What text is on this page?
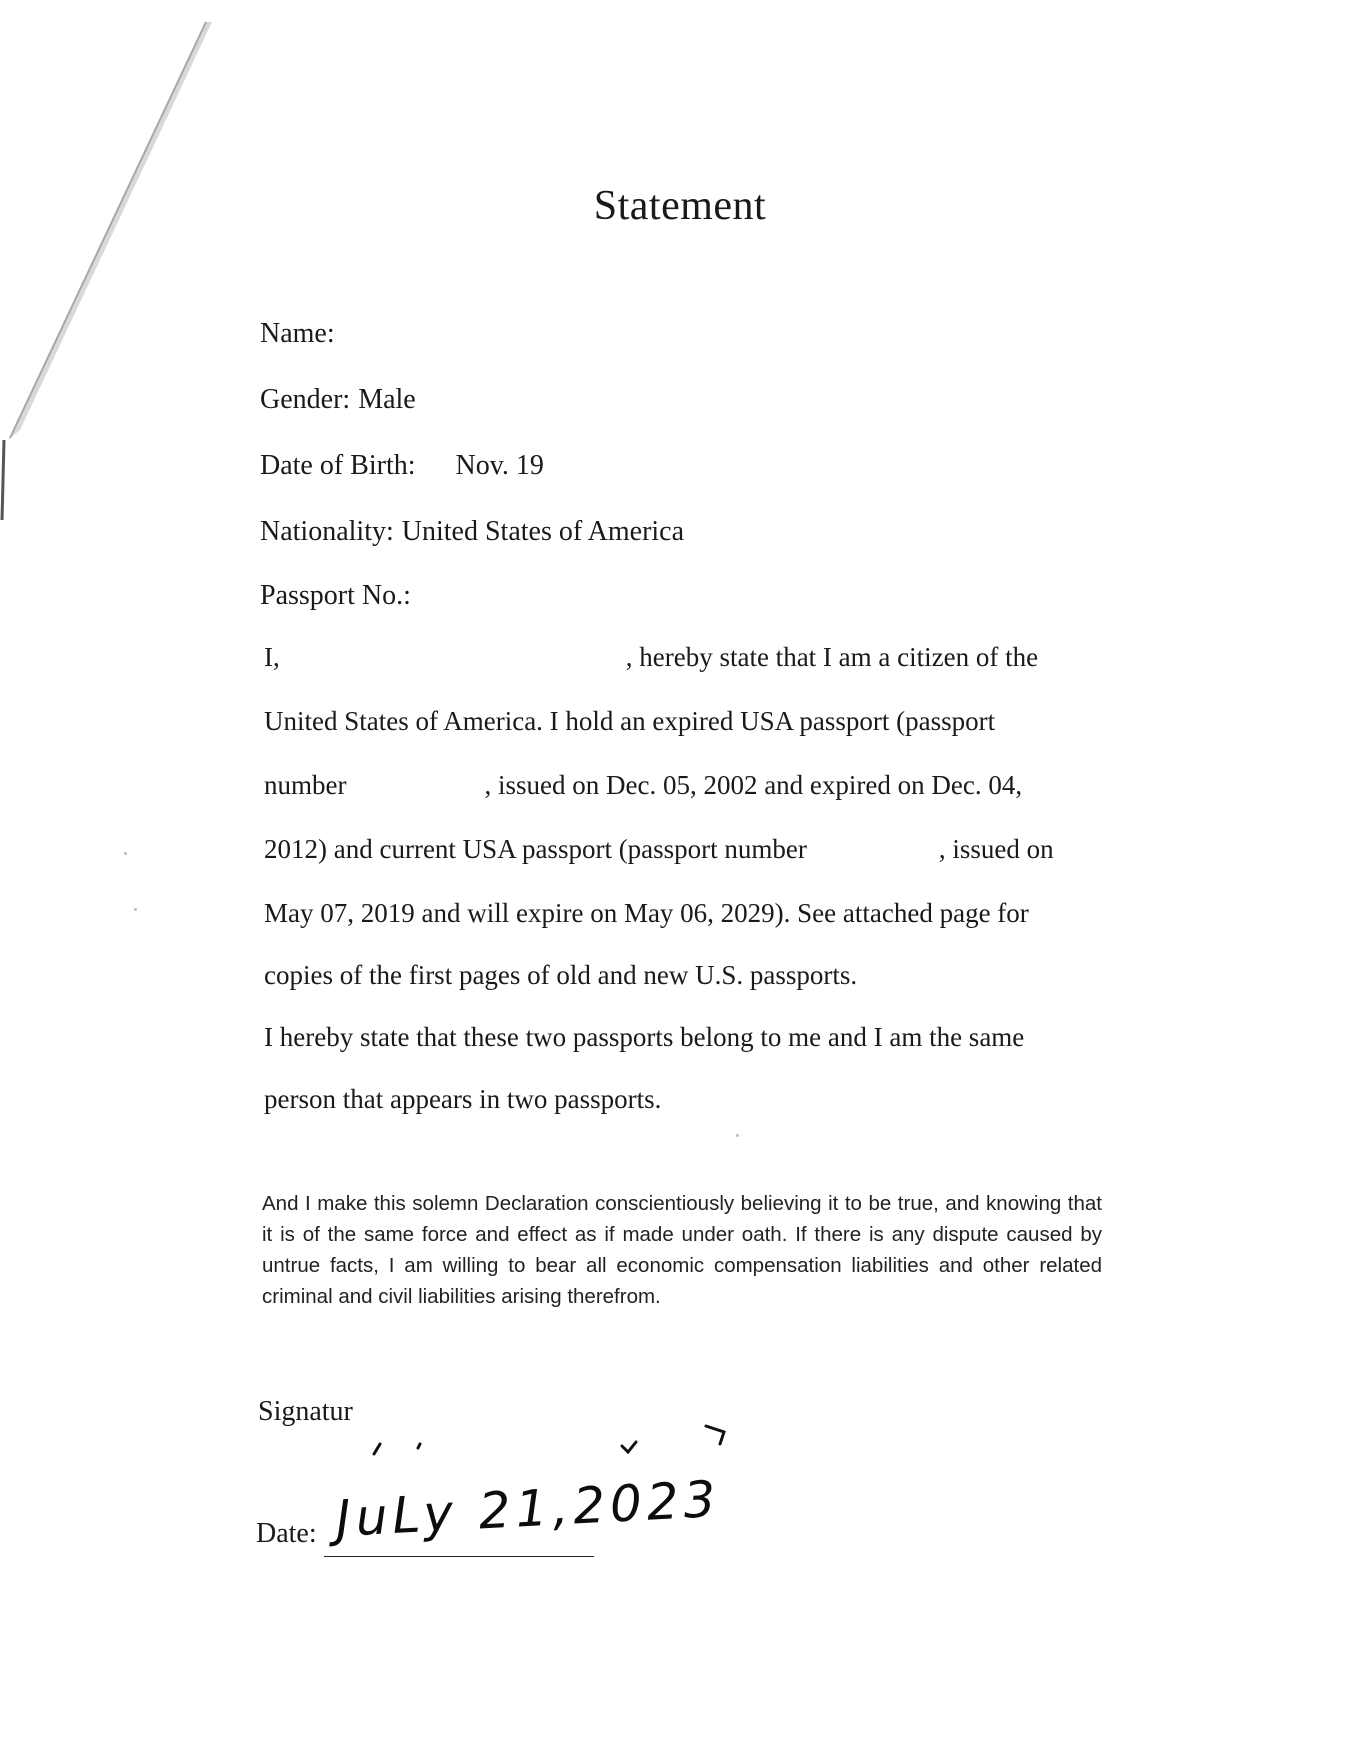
Statement
Name:
Gender: Male
Date of Birth: Nov. 19
Nationality: United States of America
Passport No.:
I,	, hereby state that I am a citizen of the
United States of America. I hold an expired USA passport (passport
number	, issued on Dec. 05, 2002 and expired on Dec. 04,
2012) and current USA passport (passport number	, issued on
May 07, 2019 and will expire on May 06, 2029). See attached page for
copies of the first pages of old and new U.S. passports.
I hereby state that these two passports belong to me and I am the same
person that appears in two passports.
And I make this solemn Declaration conscientiously believing it to be true, and knowing that it is of the same force and effect as if made under oath. If there is any dispute caused by untrue facts, I am willing to bear all economic compensation liabilities and other related criminal and civil liabilities arising therefrom.
Signatur
Date: JuLy 21,2023
